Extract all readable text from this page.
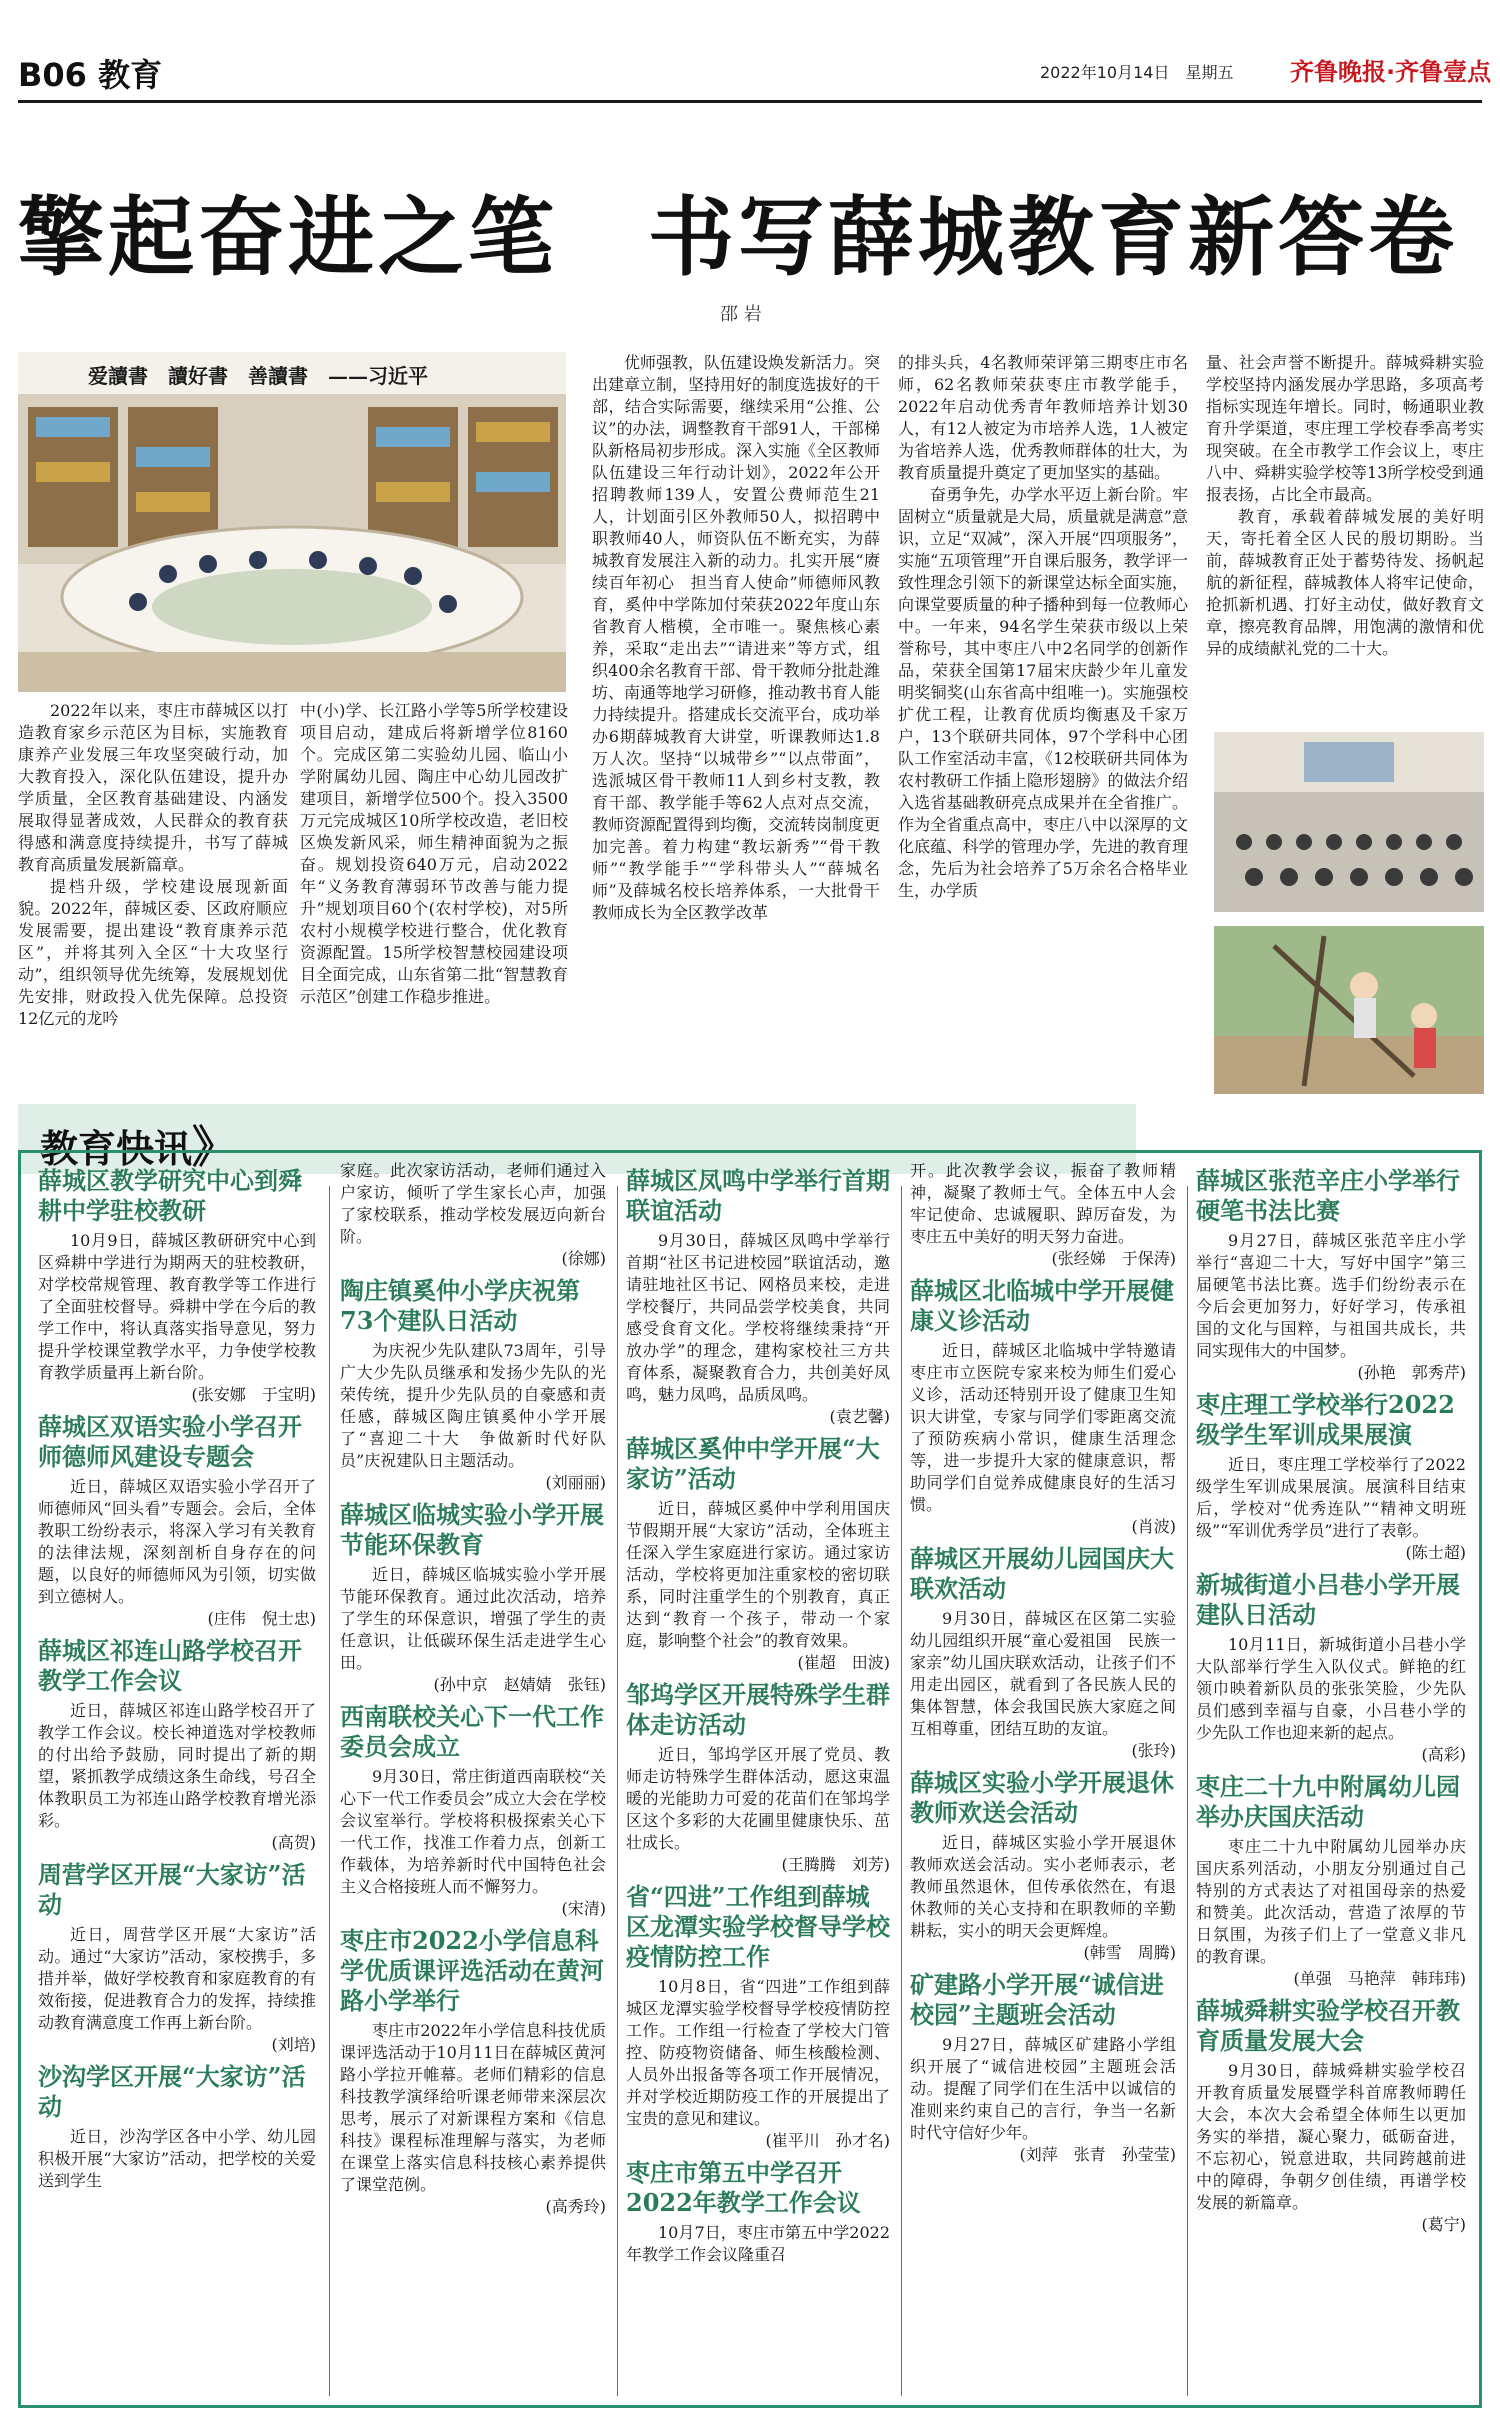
B06 教育	2022年10月14日　星期五 齐鲁晚报·齐鲁壹点
擎起奋进之笔　书写薛城教育新答卷
邵 岩
爱讀書　讀好書　善讀書　——习近平

2022年以来，枣庄市薛城区以打造教育家乡示范区为目标，实施教育康养产业发展三年攻坚突破行动，加大教育投入，深化队伍建设，提升办学质量，全区教育基础建设、内涵发展取得显著成效，人民群众的教育获得感和满意度持续提升，书写了薛城教育高质量发展新篇章。

提档升级，学校建设展现新面貌。2022年，薛城区委、区政府顺应发展需要，提出建设“教育康养示范区”，并将其列入全区“十大攻坚行动”，组织领导优先统筹，发展规划优先安排，财政投入优先保障。总投资12亿元的龙吟

中(小)学、长江路小学等5所学校建设项目启动，建成后将新增学位8160个。完成区第二实验幼儿园、临山小学附属幼儿园、陶庄中心幼儿园改扩建项目，新增学位500个。投入3500万元完成城区10所学校改造，老旧校区焕发新风采，师生精神面貌为之振奋。规划投资640万元，启动2022年“义务教育薄弱环节改善与能力提升”规划项目60个(农村学校)，对5所农村小规模学校进行整合，优化教育资源配置。15所学校智慧校园建设项目全面完成，山东省第二批“智慧教育示范区”创建工作稳步推进。

优师强教，队伍建设焕发新活力。突出建章立制，坚持用好的制度选拔好的干部，结合实际需要，继续采用“公推、公议”的办法，调整教育干部91人，干部梯队新格局初步形成。深入实施《全区教师队伍建设三年行动计划》，2022年公开招聘教师139人，安置公费师范生21人，计划面引区外教师50人，拟招聘中职教师40人，师资队伍不断充实，为薛城教育发展注入新的动力。扎实开展“赓续百年初心　担当育人使命”师德师风教育，奚仲中学陈加付荣获2022年度山东省教育人楷模，全市唯一。聚焦核心素养，采取“走出去”“请进来”等方式，组织400余名教育干部、骨干教师分批赴潍坊、南通等地学习研修，推动教书育人能力持续提升。搭建成长交流平台，成功举办6期薛城教育大讲堂，听课教师达1.8万人次。坚持“以城带乡”“以点带面”，选派城区骨干教师11人到乡村支教，教育干部、教学能手等62人点对点交流，教师资源配置得到均衡，交流转岗制度更加完善。着力构建“教坛新秀”“骨干教师”“教学能手”“学科带头人”“薛城名师”及薛城名校长培养体系，一大批骨干教师成长为全区教学改革

的排头兵，4名教师荣评第三期枣庄市名师，62名教师荣获枣庄市教学能手，2022年启动优秀青年教师培养计划30人，有12人被定为市培养人选，1人被定为省培养人选，优秀教师群体的壮大，为教育质量提升奠定了更加坚实的基础。

奋勇争先，办学水平迈上新台阶。牢固树立“质量就是大局，质量就是满意”意识，立足“双减”，深入开展“四项服务”，实施“五项管理”开自课后服务，教学评一致性理念引领下的新课堂达标全面实施，向课堂要质量的种子播种到每一位教师心中。一年来，94名学生荣获市级以上荣誉称号，其中枣庄八中2名同学的创新作品，荣获全国第17届宋庆龄少年儿童发明奖铜奖(山东省高中组唯一)。实施强校扩优工程，让教育优质均衡惠及千家万户，13个联研共同体，97个学科中心团队工作室活动丰富，《12校联研共同体为农村教研工作插上隐形翅膀》的做法介绍入选省基础教研亮点成果并在全省推广。作为全省重点高中，枣庄八中以深厚的文化底蕴、科学的管理办学，先进的教育理念，先后为社会培养了5万余名合格毕业生，办学质

量、社会声誉不断提升。薛城舜耕实验学校坚持内涵发展办学思路，多项高考指标实现连年增长。同时，畅通职业教育升学渠道，枣庄理工学校春季高考实现突破。在全市教学工作会议上，枣庄八中、舜耕实验学校等13所学校受到通报表扬，占比全市最高。

教育，承载着薛城发展的美好明天，寄托着全区人民的殷切期盼。当前，薛城教育正处于蓄势待发、扬帆起航的新征程，薛城教体人将牢记使命，抢抓新机遇、打好主动仗，做好教育文章，擦亮教育品牌，用饱满的激情和优异的成绩献礼党的二十大。

教育快讯》
薛城区教学研究中心到舜耕中学驻校教研

10月9日，薛城区教研研究中心到区舜耕中学进行为期两天的驻校教研，对学校常规管理、教育教学等工作进行了全面驻校督导。舜耕中学在今后的教学工作中，将认真落实指导意见，努力提升学校课堂教学水平，力争使学校教育教学质量再上新台阶。

(张安娜　于宝明)

薛城区双语实验小学召开师德师风建设专题会

近日，薛城区双语实验小学召开了师德师风“回头看”专题会。会后，全体教职工纷纷表示，将深入学习有关教育的法律法规，深刻剖析自身存在的问题，以良好的师德师风为引领，切实做到立德树人。

(庄伟　倪士忠)

薛城区祁连山路学校召开教学工作会议

近日，薛城区祁连山路学校召开了教学工作会议。校长神道选对学校教师的付出给予鼓励，同时提出了新的期望，紧抓教学成绩这条生命线，号召全体教职员工为祁连山路学校教育增光添彩。

(高贺)

周营学区开展“大家访”活动

近日，周营学区开展“大家访”活动。通过“大家访”活动，家校携手，多措并举，做好学校教育和家庭教育的有效衔接，促进教育合力的发挥，持续推动教育满意度工作再上新台阶。

(刘培)

沙沟学区开展“大家访”活动

近日，沙沟学区各中小学、幼儿园积极开展“大家访”活动，把学校的关爱送到学生

家庭。此次家访活动，老师们通过入户家访，倾听了学生家长心声，加强了家校联系，推动学校发展迈向新台阶。

(徐娜)

陶庄镇奚仲小学庆祝第73个建队日活动

为庆祝少先队建队73周年，引导广大少先队员继承和发扬少先队的光荣传统，提升少先队员的自豪感和责任感，薛城区陶庄镇奚仲小学开展了“喜迎二十大　争做新时代好队员”庆祝建队日主题活动。

(刘丽丽)

薛城区临城实验小学开展节能环保教育

近日，薛城区临城实验小学开展节能环保教育。通过此次活动，培养了学生的环保意识，增强了学生的责任意识，让低碳环保生活走进学生心田。

(孙中京　赵婧婧　张钰)

西南联校关心下一代工作委员会成立

9月30日，常庄街道西南联校“关心下一代工作委员会”成立大会在学校会议室举行。学校将积极探索关心下一代工作，找准工作着力点，创新工作载体，为培养新时代中国特色社会主义合格接班人而不懈努力。

(宋清)

枣庄市2022小学信息科学优质课评选活动在黄河路小学举行

枣庄市2022年小学信息科技优质课评选活动于10月11日在薛城区黄河路小学拉开帷幕。老师们精彩的信息科技教学演绎给听课老师带来深层次思考，展示了对新课程方案和《信息科技》课程标准理解与落实，为老师在课堂上落实信息科技核心素养提供了课堂范例。

(高秀玲)

薛城区凤鸣中学举行首期联谊活动

9月30日，薛城区凤鸣中学举行首期“社区书记进校园”联谊活动，邀请驻地社区书记、网格员来校，走进学校餐厅，共同品尝学校美食，共同感受食育文化。学校将继续秉持“开放办学”的理念，建构家校社三方共育体系，凝聚教育合力，共创美好凤鸣，魅力凤鸣，品质凤鸣。

(袁艺馨)

薛城区奚仲中学开展“大家访”活动

近日，薛城区奚仲中学利用国庆节假期开展“大家访”活动，全体班主任深入学生家庭进行家访。通过家访活动，学校将更加注重家校的密切联系，同时注重学生的个别教育，真正达到“教育一个孩子，带动一个家庭，影响整个社会”的教育效果。

(崔超　田波)

邹坞学区开展特殊学生群体走访活动

近日，邹坞学区开展了党员、教师走访特殊学生群体活动，愿这束温暖的光能助力可爱的花苗们在邹坞学区这个多彩的大花圃里健康快乐、茁壮成长。

(王腾腾　刘芳)

省“四进”工作组到薛城区龙潭实验学校督导学校疫情防控工作

10月8日，省“四进”工作组到薛城区龙潭实验学校督导学校疫情防控工作。工作组一行检查了学校大门管控、防疫物资储备、师生核酸检测、人员外出报备等各项工作开展情况，并对学校近期防疫工作的开展提出了宝贵的意见和建议。

(崔平川　孙才名)

枣庄市第五中学召开2022年教学工作会议

10月7日，枣庄市第五中学2022年教学工作会议隆重召

开。此次教学会议，振奋了教师精神，凝聚了教师士气。全体五中人会牢记使命、忠诚履职、踔厉奋发，为枣庄五中美好的明天努力奋进。

(张经娣　于保涛)

薛城区北临城中学开展健康义诊活动

近日，薛城区北临城中学特邀请枣庄市立医院专家来校为师生们爱心义诊，活动还特别开设了健康卫生知识大讲堂，专家与同学们零距离交流了预防疾病小常识，健康生活理念等，进一步提升大家的健康意识，帮助同学们自觉养成健康良好的生活习惯。

(肖波)

薛城区开展幼儿园国庆大联欢活动

9月30日，薛城区在区第二实验幼儿园组织开展“童心爱祖国　民族一家亲”幼儿国庆联欢活动，让孩子们不用走出园区，就看到了各民族人民的集体智慧，体会我国民族大家庭之间互相尊重，团结互助的友谊。

(张玲)

薛城区实验小学开展退休教师欢送会活动

近日，薛城区实验小学开展退休教师欢送会活动。实小老师表示，老教师虽然退休，但传承依然在，有退休教师的关心支持和在职教师的辛勤耕耘，实小的明天会更辉煌。

(韩雪　周腾)

矿建路小学开展“诚信进校园”主题班会活动

9月27日，薛城区矿建路小学组织开展了“诚信进校园”主题班会活动。提醒了同学们在生活中以诚信的准则来约束自己的言行，争当一名新时代守信好少年。

(刘萍　张青　孙莹莹)

薛城区张范辛庄小学举行硬笔书法比赛

9月27日，薛城区张范辛庄小学举行“喜迎二十大，写好中国字”第三届硬笔书法比赛。选手们纷纷表示在今后会更加努力，好好学习，传承祖国的文化与国粹，与祖国共成长，共同实现伟大的中国梦。

(孙艳　郭秀芹)

枣庄理工学校举行2022级学生军训成果展演

近日，枣庄理工学校举行了2022级学生军训成果展演。展演科目结束后，学校对“优秀连队”“精神文明班级”“军训优秀学员”进行了表彰。

(陈士超)

新城街道小吕巷小学开展建队日活动

10月11日，新城街道小吕巷小学大队部举行学生入队仪式。鲜艳的红领巾映着新队员的张张笑脸，少先队员们感到幸福与自豪，小吕巷小学的少先队工作也迎来新的起点。

(高彩)

枣庄二十九中附属幼儿园举办庆国庆活动

枣庄二十九中附属幼儿园举办庆国庆系列活动，小朋友分别通过自己特别的方式表达了对祖国母亲的热爱和赞美。此次活动，营造了浓厚的节日氛围，为孩子们上了一堂意义非凡的教育课。

(单强　马艳萍　韩玮玮)

薛城舜耕实验学校召开教育质量发展大会

9月30日，薛城舜耕实验学校召开教育质量发展暨学科首席教师聘任大会，本次大会希望全体师生以更加务实的举措，凝心聚力，砥砺奋进，不忘初心，锐意进取，共同跨越前进中的障碍，争朝夕创佳绩，再谱学校发展的新篇章。

(葛宁)
